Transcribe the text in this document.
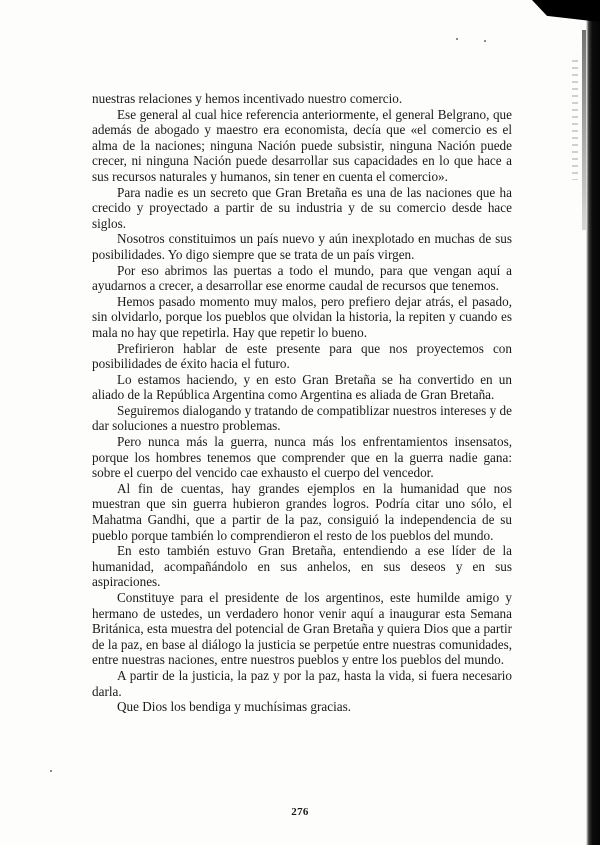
nuestras relaciones y hemos incentivado nuestro comercio.

Ese general al cual hice referencia anteriormente, el general Belgrano, que además de abogado y maestro era economista, decía que «el comercio es el alma de la naciones; ninguna Nación puede subsistir, ninguna Nación puede crecer, ni ninguna Nación puede desarrollar sus capacidades en lo que hace a sus recursos naturales y humanos, sin tener en cuenta el comercio».

Para nadie es un secreto que Gran Bretaña es una de las naciones que ha crecido y proyectado a partir de su industria y de su comercio desde hace siglos.

Nosotros constituimos un país nuevo y aún inexplotado en muchas de sus posibilidades. Yo digo siempre que se trata de un país virgen.

Por eso abrimos las puertas a todo el mundo, para que vengan aquí a ayudarnos a crecer, a desarrollar ese enorme caudal de recursos que tenemos.

Hemos pasado momento muy malos, pero prefiero dejar atrás, el pasado, sin olvidarlo, porque los pueblos que olvidan la historia, la repiten y cuando es mala no hay que repetirla. Hay que repetir lo bueno.

Prefirieron hablar de este presente para que nos proyectemos con posibilidades de éxito hacia el futuro.

Lo estamos haciendo, y en esto Gran Bretaña se ha convertido en un aliado de la República Argentina como Argentina es aliada de Gran Bretaña.

Seguiremos dialogando y tratando de compatiblizar nuestros intereses y de dar soluciones a nuestro problemas.

Pero nunca más la guerra, nunca más los enfrentamientos insensatos, porque los hombres tenemos que comprender que en la guerra nadie gana: sobre el cuerpo del vencido cae exhausto el cuerpo del vencedor.

Al fin de cuentas, hay grandes ejemplos en la humanidad que nos muestran que sin guerra hubieron grandes logros. Podría citar uno sólo, el Mahatma Gandhi, que a partir de la paz, consiguió la independencia de su pueblo porque también lo comprendieron el resto de los pueblos del mundo.

En esto también estuvo Gran Bretaña, entendiendo a ese líder de la humanidad, acompañándolo en sus anhelos, en sus deseos y en sus aspiraciones.

Constituye para el presidente de los argentinos, este humilde amigo y hermano de ustedes, un verdadero honor venir aquí a inaugurar esta Semana Británica, esta muestra del potencial de Gran Bretaña y quiera Dios que a partir de la paz, en base al diálogo la justicia se perpetúe entre nuestras comunidades, entre nuestras naciones, entre nuestros pueblos y entre los pueblos del mundo.

A partir de la justicia, la paz y por la paz, hasta la vida, si fuera necesario darla.

Que Dios los bendiga y muchísimas gracias.

276
